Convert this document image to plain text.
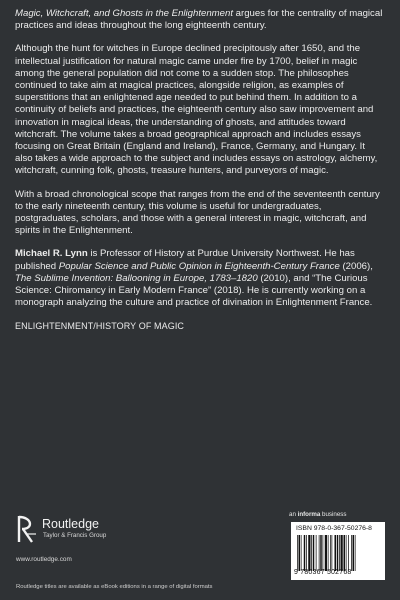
Magic, Witchcraft, and Ghosts in the Enlightenment argues for the centrality of magical practices and ideas throughout the long eighteenth century.

Although the hunt for witches in Europe declined precipitously after 1650, and the intellectual justification for natural magic came under fire by 1700, belief in magic among the general population did not come to a sudden stop. The philosophes continued to take aim at magical practices, alongside religion, as examples of superstitions that an enlightened age needed to put behind them. In addition to a continuity of beliefs and practices, the eighteenth century also saw improvement and innovation in magical ideas, the understanding of ghosts, and attitudes toward witchcraft. The volume takes a broad geographical approach and includes essays focusing on Great Britain (England and Ireland), France, Germany, and Hungary. It also takes a wide approach to the subject and includes essays on astrology, alchemy, witchcraft, cunning folk, ghosts, treasure hunters, and purveyors of magic.

With a broad chronological scope that ranges from the end of the seventeenth century to the early nineteenth century, this volume is useful for undergraduates, postgraduates, scholars, and those with a general interest in magic, witchcraft, and spirits in the Enlightenment.

Michael R. Lynn is Professor of History at Purdue University Northwest. He has published Popular Science and Public Opinion in Eighteenth-Century France (2006), The Sublime Invention: Ballooning in Europe, 1783–1820 (2010), and “The Curious Science: Chiromancy in Early Modern France” (2018). He is currently working on a monograph analyzing the culture and practice of divination in Enlightenment France.

ENLIGHTENMENT/HISTORY OF MAGIC

Routledge
Taylor & Francis Group
www.routledge.com
Routledge titles are available as eBook editions in a range of digital formats
an informa business
ISBN 978-0-367-50276-8
9 780367 502768
